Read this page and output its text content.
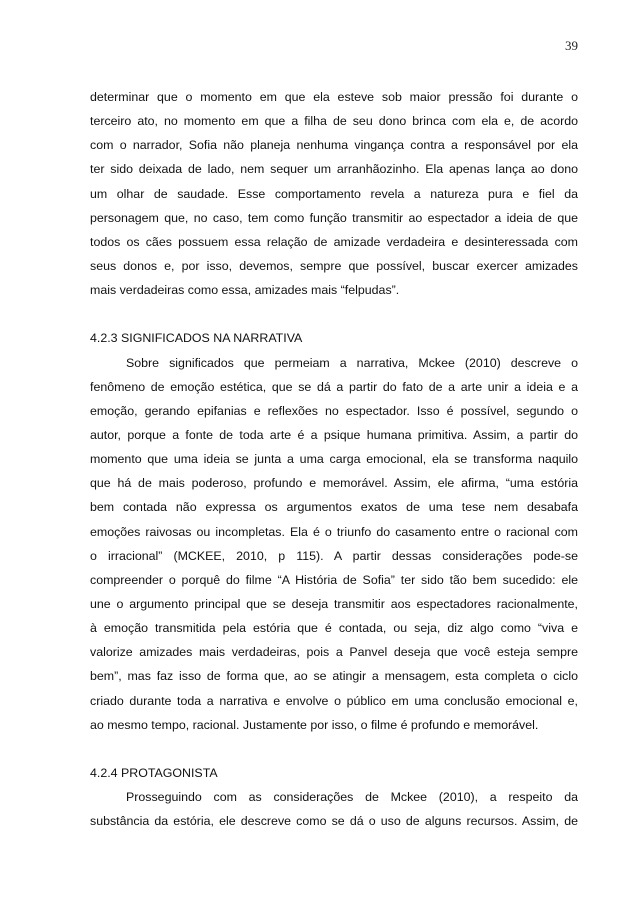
39
determinar que o momento em que ela esteve sob maior pressão foi durante o
terceiro ato, no momento em que a filha de seu dono brinca com ela e, de acordo
com o narrador, Sofia não planeja nenhuma vingança contra a responsável por ela
ter sido deixada de lado, nem sequer um arranhãozinho. Ela apenas lança ao dono
um olhar de saudade. Esse comportamento revela a natureza pura e fiel da
personagem que, no caso, tem como função transmitir ao espectador a ideia de que
todos os cães possuem essa relação de amizade verdadeira e desinteressada com
seus donos e, por isso, devemos, sempre que possível, buscar exercer amizades
mais verdadeiras como essa, amizades mais “felpudas”.
4.2.3 SIGNIFICADOS NA NARRATIVA
Sobre significados que permeiam a narrativa, Mckee (2010) descreve o
fenômeno de emoção estética, que se dá a partir do fato de a arte unir a ideia e a
emoção, gerando epifanias e reflexões no espectador. Isso é possível, segundo o
autor, porque a fonte de toda arte é a psique humana primitiva. Assim, a partir do
momento que uma ideia se junta a uma carga emocional, ela se transforma naquilo
que há de mais poderoso, profundo e memorável. Assim, ele afirma, “uma estória
bem contada não expressa os argumentos exatos de uma tese nem desabafa
emoções raivosas ou incompletas. Ela é o triunfo do casamento entre o racional com
o irracional” (MCKEE, 2010, p 115). A partir dessas considerações pode-se
compreender o porquê do filme “A História de Sofia” ter sido tão bem sucedido: ele
une o argumento principal que se deseja transmitir aos espectadores racionalmente,
à emoção transmitida pela estória que é contada, ou seja, diz algo como “viva e
valorize amizades mais verdadeiras, pois a Panvel deseja que você esteja sempre
bem”, mas faz isso de forma que, ao se atingir a mensagem, esta completa o ciclo
criado durante toda a narrativa e envolve o público em uma conclusão emocional e,
ao mesmo tempo, racional. Justamente por isso, o filme é profundo e memorável.
4.2.4 PROTAGONISTA
Prosseguindo com as considerações de Mckee (2010), a respeito da
substância da estória, ele descreve como se dá o uso de alguns recursos. Assim, de
